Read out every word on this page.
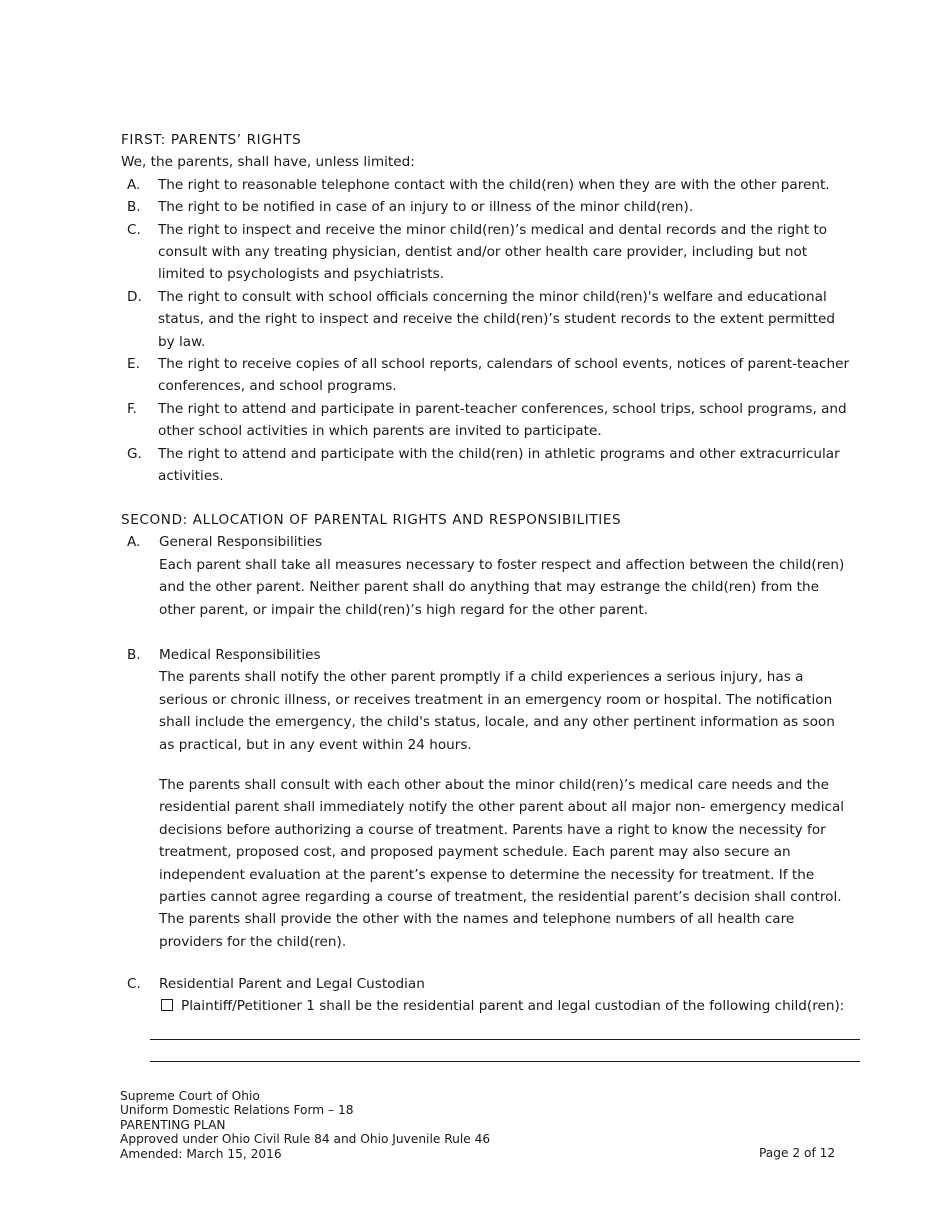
FIRST: PARENTS’ RIGHTS
We, the parents, shall have, unless limited:
A. The right to reasonable telephone contact with the child(ren) when they are with the other parent.
B. The right to be notified in case of an injury to or illness of the minor child(ren).
C. The right to inspect and receive the minor child(ren)’s medical and dental records and the right to consult with any treating physician, dentist and/or other health care provider, including but not limited to psychologists and psychiatrists.
D. The right to consult with school officials concerning the minor child(ren)'s welfare and educational status, and the right to inspect and receive the child(ren)’s student records to the extent permitted by law.
E. The right to receive copies of all school reports, calendars of school events, notices of parent-teacher conferences, and school programs.
F. The right to attend and participate in parent-teacher conferences, school trips, school programs, and other school activities in which parents are invited to participate.
G. The right to attend and participate with the child(ren) in athletic programs and other extracurricular activities.
SECOND: ALLOCATION OF PARENTAL RIGHTS AND RESPONSIBILITIES
A. General Responsibilities
Each parent shall take all measures necessary to foster respect and affection between the child(ren) and the other parent. Neither parent shall do anything that may estrange the child(ren) from the other parent, or impair the child(ren)’s high regard for the other parent.
B. Medical Responsibilities
The parents shall notify the other parent promptly if a child experiences a serious injury, has a serious or chronic illness, or receives treatment in an emergency room or hospital. The notification shall include the emergency, the child's status, locale, and any other pertinent information as soon as practical, but in any event within 24 hours.
The parents shall consult with each other about the minor child(ren)’s medical care needs and the residential parent shall immediately notify the other parent about all major non- emergency medical decisions before authorizing a course of treatment. Parents have a right to know the necessity for treatment, proposed cost, and proposed payment schedule. Each parent may also secure an independent evaluation at the parent’s expense to determine the necessity for treatment. If the parties cannot agree regarding a course of treatment, the residential parent’s decision shall control. The parents shall provide the other with the names and telephone numbers of all health care providers for the child(ren).
C. Residential Parent and Legal Custodian
Plaintiff/Petitioner 1 shall be the residential parent and legal custodian of the following child(ren):
Supreme Court of Ohio
Uniform Domestic Relations Form – 18
PARENTING PLAN
Approved under Ohio Civil Rule 84 and Ohio Juvenile Rule 46
Amended: March 15, 2016	Page 2 of 12
